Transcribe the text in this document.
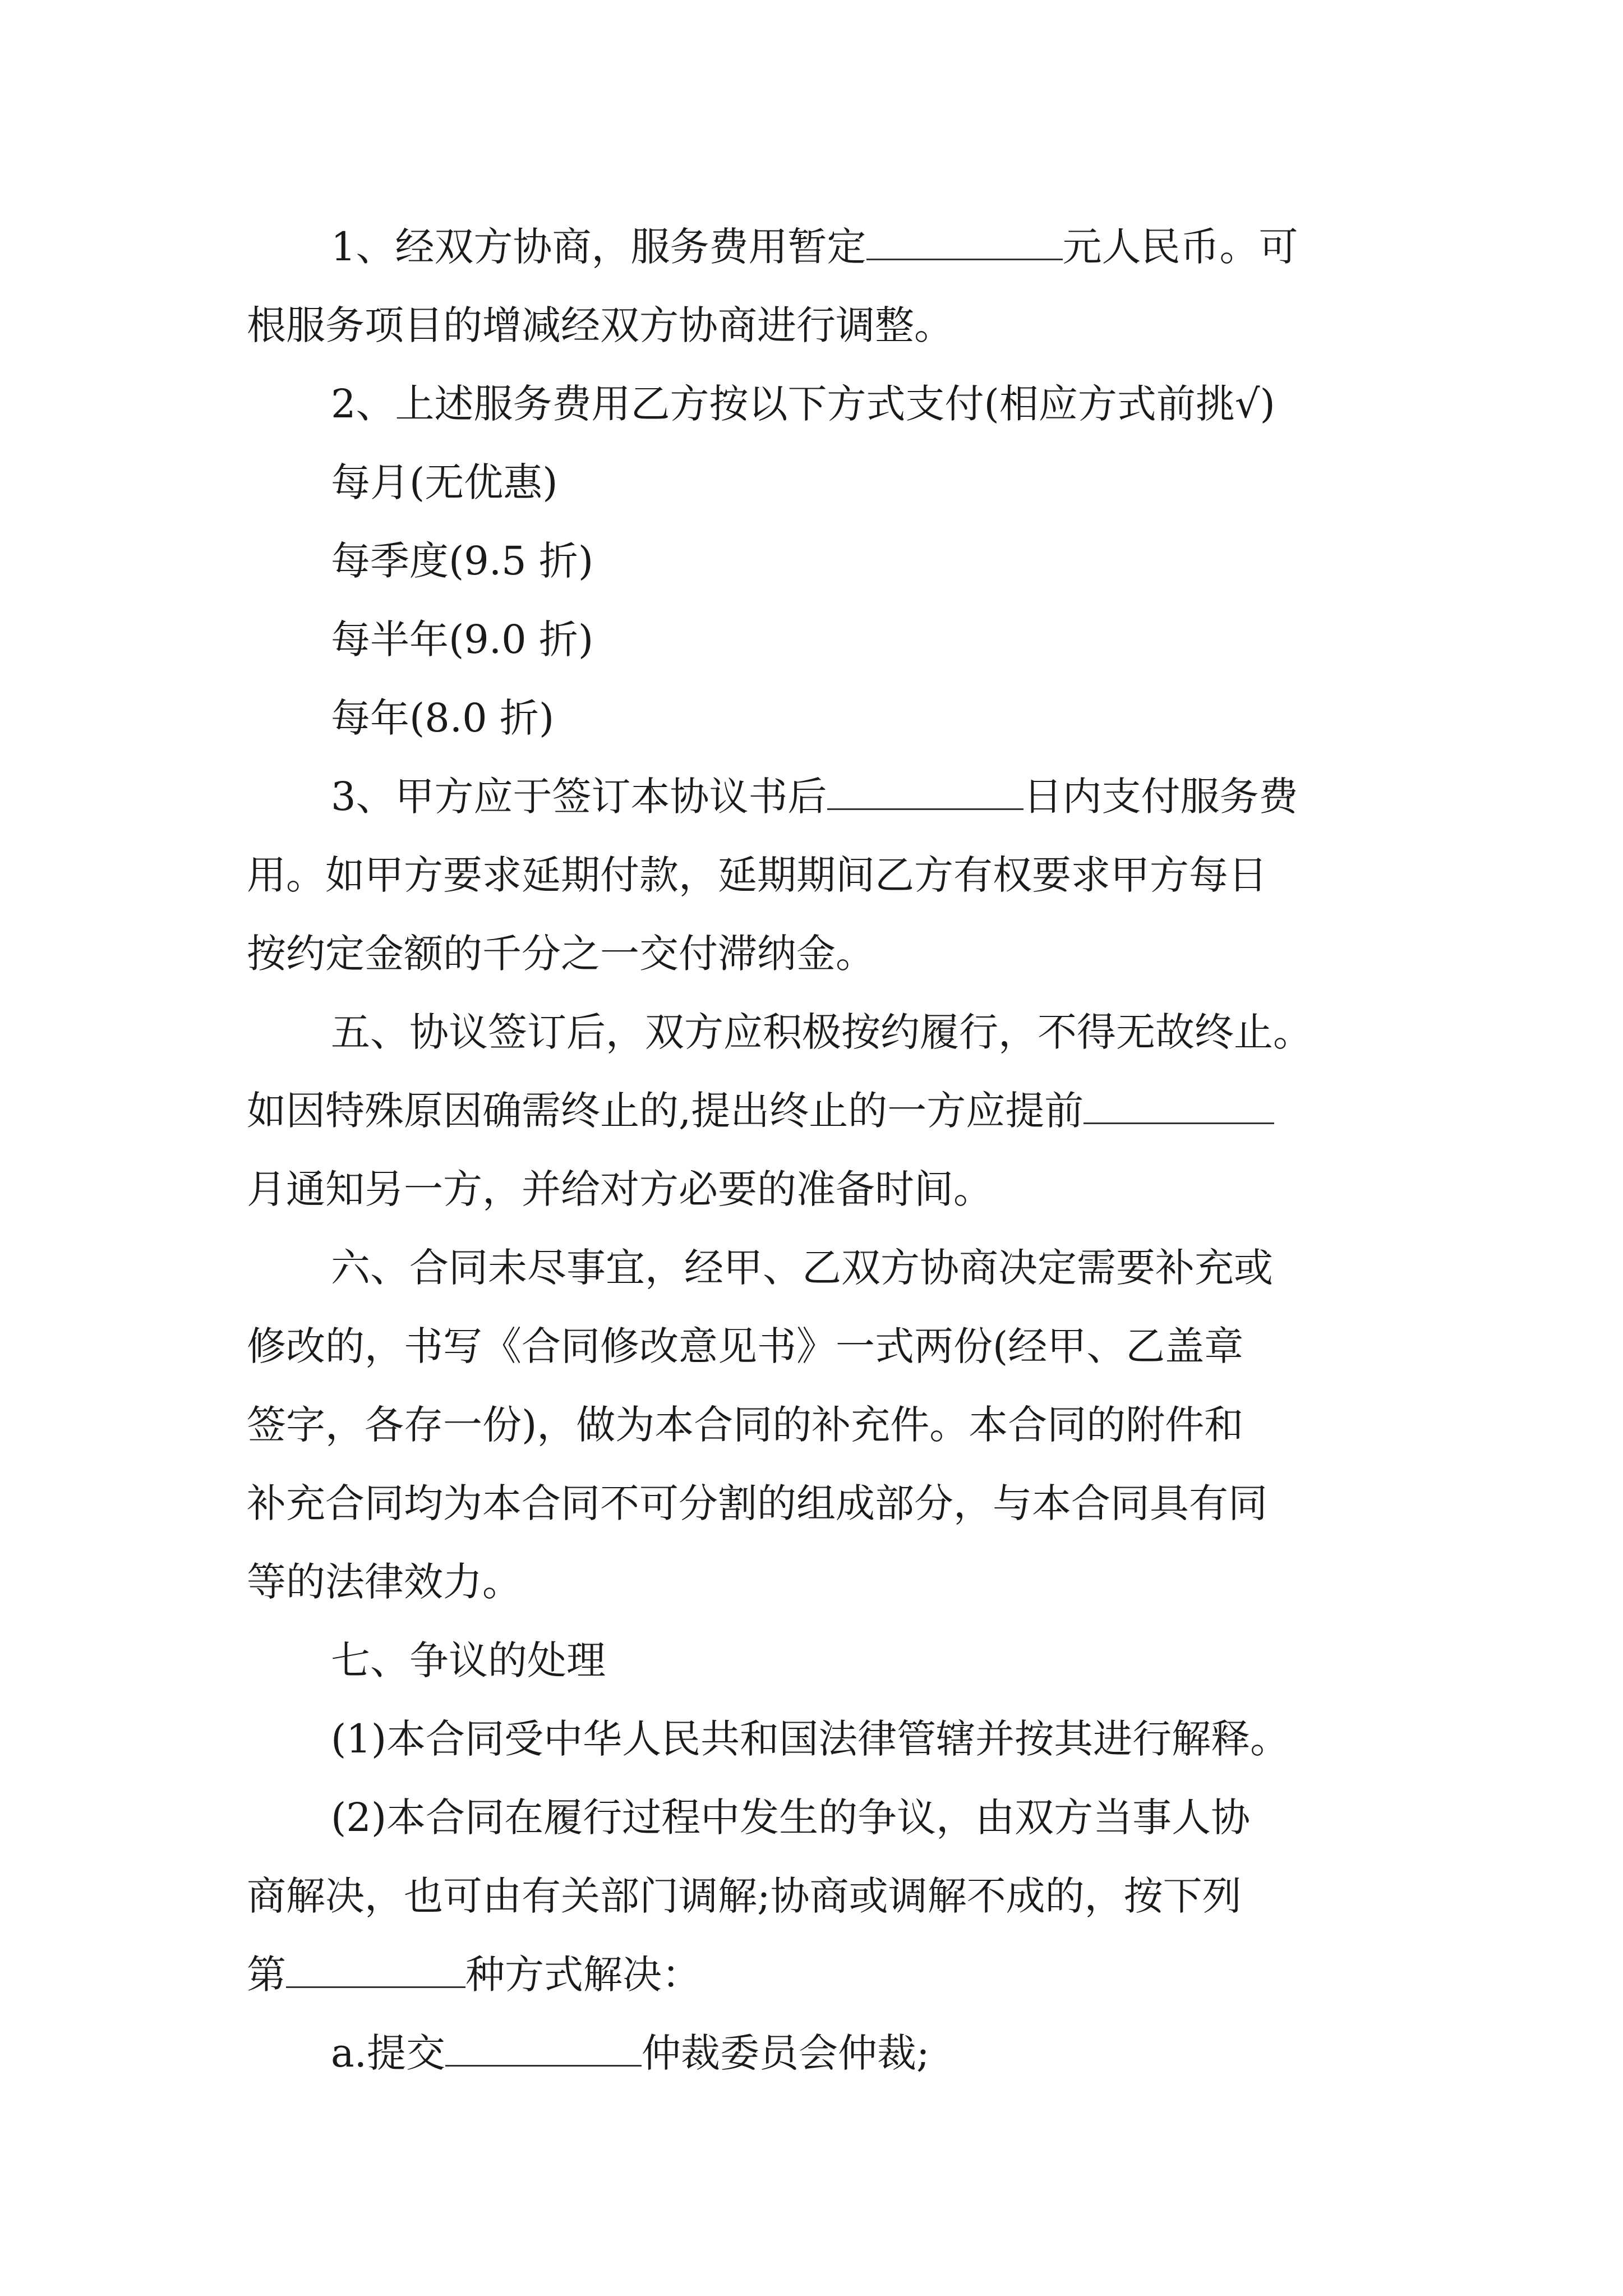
1、经双方协商，服务费用暂定	元人民币。可
根服务项目的增减经双方协商进行调整。
2、上述服务费用乙方按以下方式支付(相应方式前挑√)
每月(无优惠)
每季度(9.5 折)
每半年(9.0 折)
每年(8.0 折)
3、甲方应于签订本协议书后	日内支付服务费
用。如甲方要求延期付款，延期期间乙方有权要求甲方每日
按约定金额的千分之一交付滞纳金。
五、协议签订后，双方应积极按约履行，不得无故终止。
如因特殊原因确需终止的,提出终止的一方应提前
月通知另一方，并给对方必要的准备时间。
六、合同未尽事宜，经甲、乙双方协商决定需要补充或
修改的，书写《合同修改意见书》一式两份(经甲、乙盖章
签字，各存一份)，做为本合同的补充件。本合同的附件和
补充合同均为本合同不可分割的组成部分，与本合同具有同
等的法律效力。
七、争议的处理
(1)本合同受中华人民共和国法律管辖并按其进行解释。
(2)本合同在履行过程中发生的争议，由双方当事人协
商解决，也可由有关部门调解;协商或调解不成的，按下列
第	种方式解决：
a.提交	仲裁委员会仲裁;
